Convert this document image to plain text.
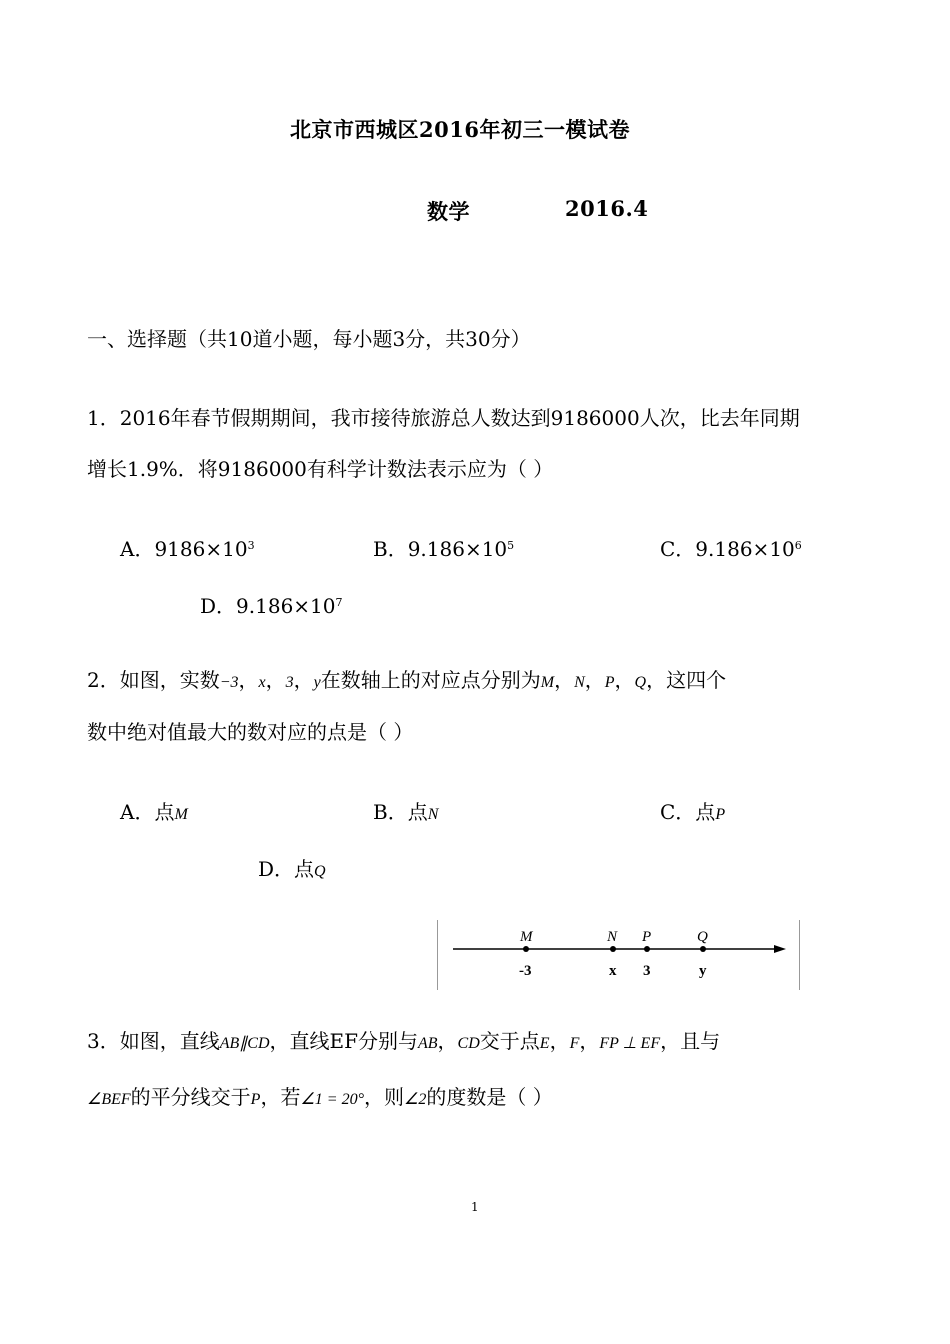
北京市西城区2016年初三一模试卷
数学	2016.4
一、选择题（共10道小题，每小题3分，共30分）
1．2016年春节假期期间，我市接待旅游总人数达到9186000人次，比去年同期
增长1.9%．将9186000有科学计数法表示应为（ ）
A．$9186\times 10^3$	B．$9.186\times 10^5$	C．$9.186\times 10^6$
D．$9.186\times 10^7$
2．如图，实数−3，x，3，y在数轴上的对应点分别为M，N，P，Q，这四个
数中绝对值最大的数对应的点是（ ）
A．点M	B．点N	C．点P
D．点Q
M	N P	Q
-3	x 3	y
3．如图，直线AB∥CD，直线EF分别与AB，CD交于点E，F，FP ⊥ EF，且与
∠BEF的平分线交于P，若∠1 = 20°，则∠2的度数是（ ）
1
